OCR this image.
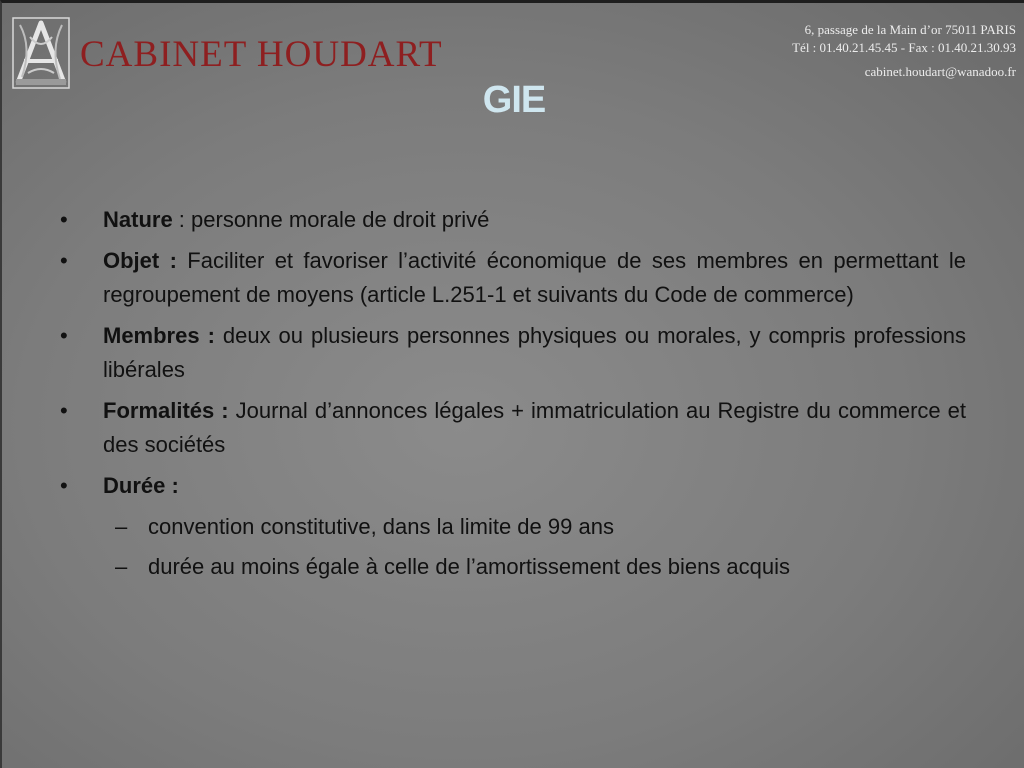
CABINET HOUDART
6, passage de la Main d’or 75011 PARIS
Tél : 01.40.21.45.45 - Fax : 01.40.21.30.93
cabinet.houdart@wanadoo.fr
GIE
• Nature : personne morale de droit privé
• Objet : Faciliter et favoriser l’activité économique de ses membres en permettant le regroupement de moyens (article L.251-1 et suivants du Code de commerce)
• Membres : deux ou plusieurs personnes physiques ou morales, y compris professions libérales
• Formalités : Journal d’annonces légales + immatriculation au Registre du commerce et des sociétés
• Durée :
– convention constitutive, dans la limite de 99 ans
– durée au moins égale à celle de l’amortissement des biens acquis
